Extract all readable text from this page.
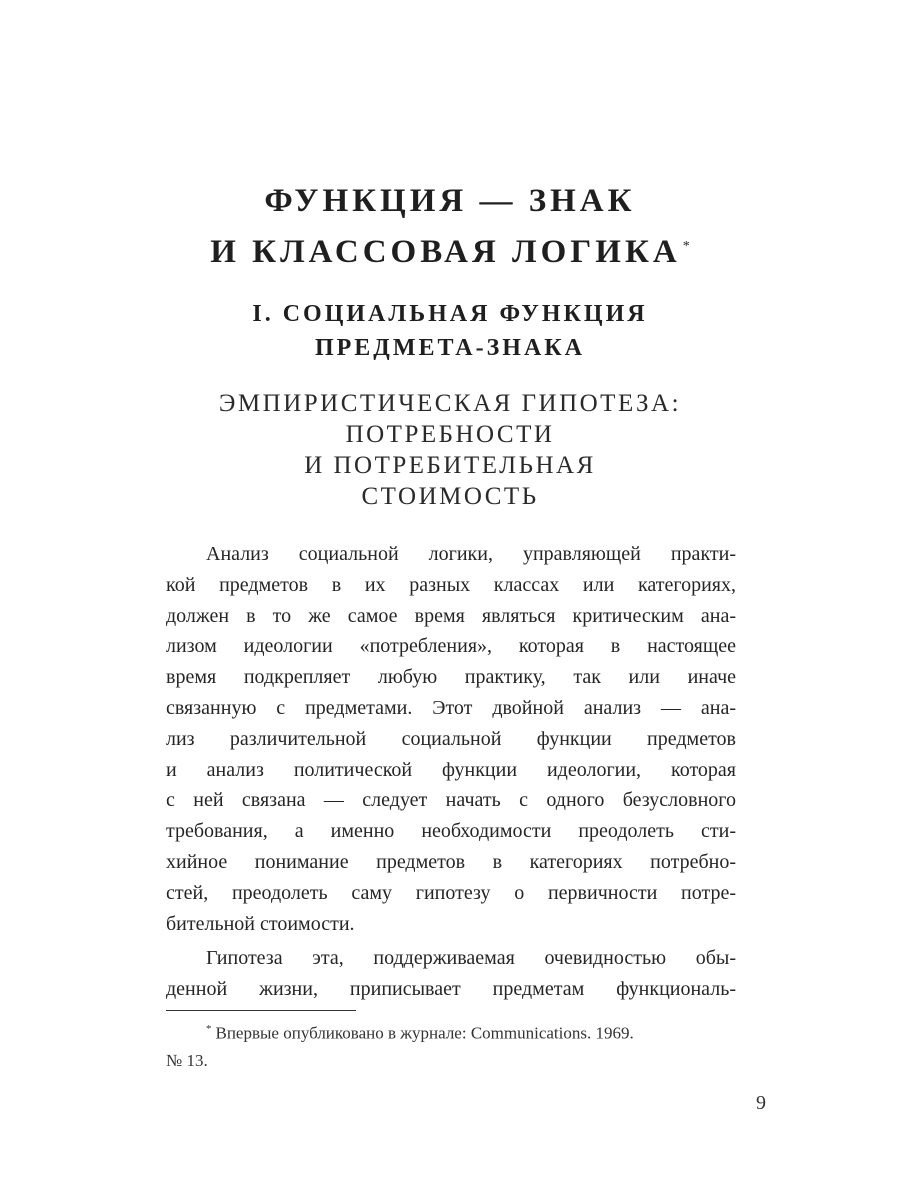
ФУНКЦИЯ — ЗНАК
И КЛАССОВАЯ ЛОГИКА *
I. СОЦИАЛЬНАЯ ФУНКЦИЯ
ПРЕДМЕТА-ЗНАКА
ЭМПИРИСТИЧЕСКАЯ ГИПОТЕЗА:
ПОТРЕБНОСТИ
И ПОТРЕБИТЕЛЬНАЯ
СТОИМОСТЬ
Анализ социальной логики, управляющей практи-
кой предметов в их разных классах или категориях,
должен в то же самое время являться критическим ана-
лизом идеологии «потребления», которая в настоящее
время подкрепляет любую практику, так или иначе
связанную с предметами. Этот двойной анализ — ана-
лиз различительной социальной функции предметов
и анализ политической функции идеологии, которая
с ней связана — следует начать с одного безусловного
требования, а именно необходимости преодолеть сти-
хийное понимание предметов в категориях потребно-
стей, преодолеть саму гипотезу о первичности потре-
бительной стоимости.
Гипотеза эта, поддерживаемая очевидностью обы-
денной жизни, приписывает предметам функциональ-
* Впервые опубликовано в журнале: Communications. 1969.
№ 13.
9
